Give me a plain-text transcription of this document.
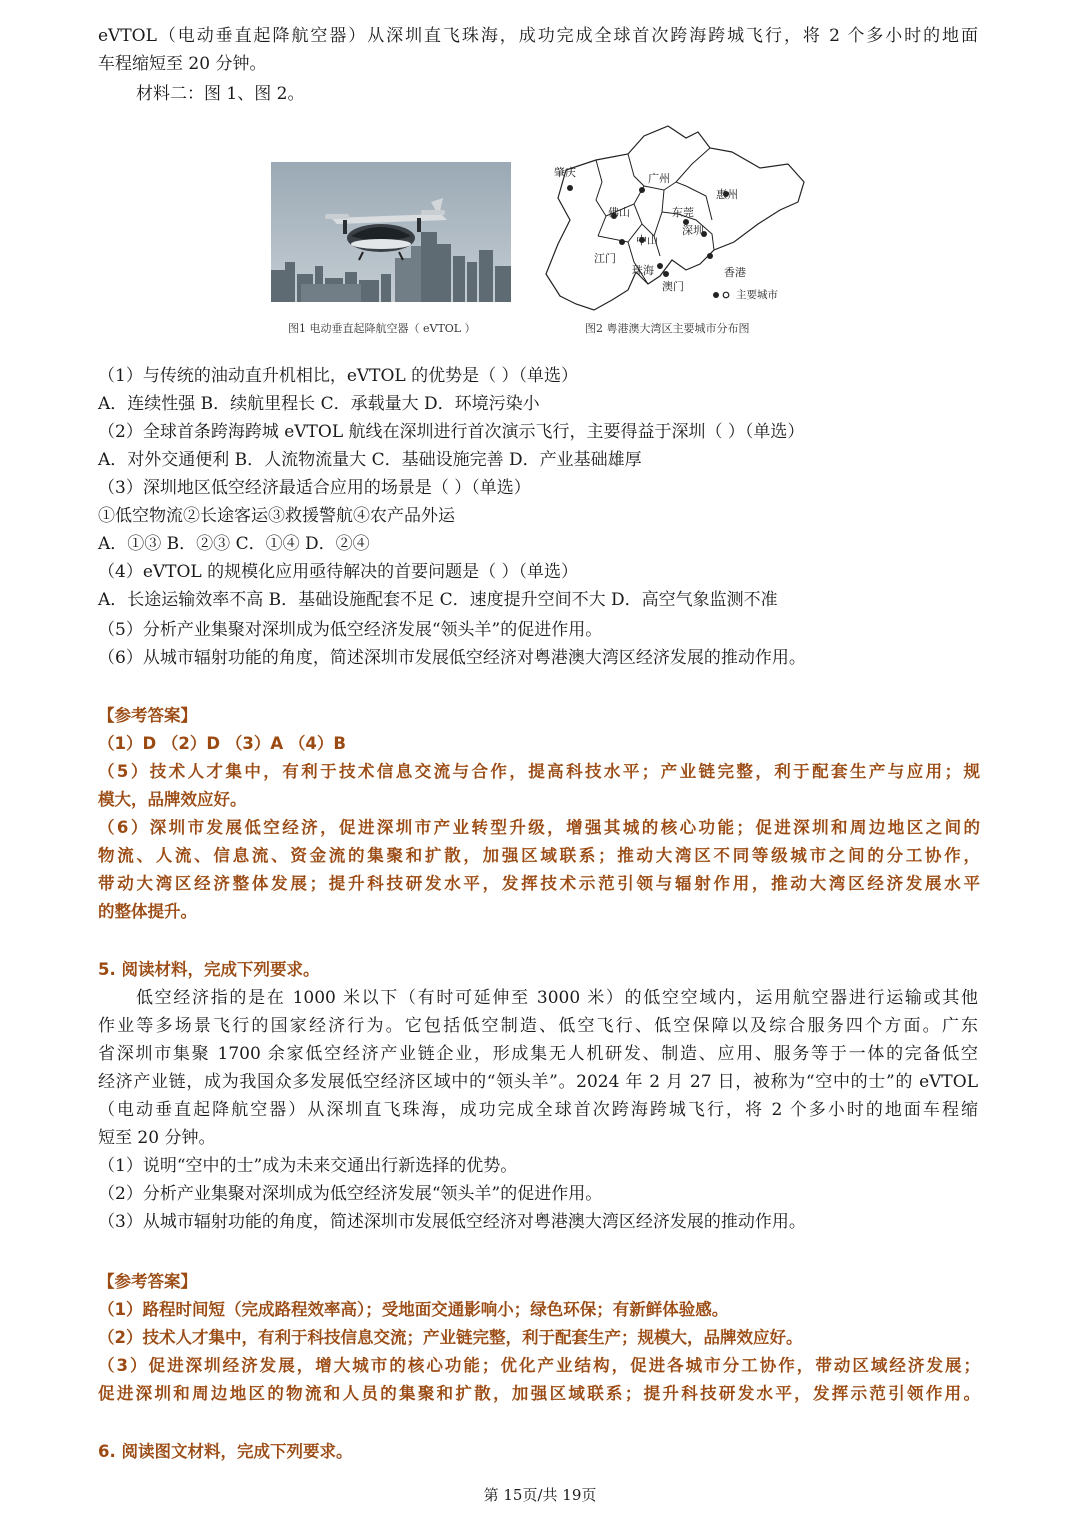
eVTOL（电动垂直起降航空器）从深圳直飞珠海，成功完成全球首次跨海跨城飞行，将 2 个多小时的地面
车程缩短至 20 分钟。
材料二：图 1、图 2。
肇庆	广州
惠州
佛山	东莞
深圳
中山
江门
珠海	香港
澳门
主要城市
图1 电动垂直起降航空器（ eVTOL ）	图2 粤港澳大湾区主要城市分布图
（1）与传统的油动直升机相比，eVTOL 的优势是（ ）（单选）
A．连续性强 B．续航里程长 C．承载量大 D．环境污染小
（2）全球首条跨海跨城 eVTOL 航线在深圳进行首次演示飞行，主要得益于深圳（ ）（单选）
A．对外交通便利 B．人流物流量大 C．基础设施完善 D．产业基础雄厚
（3）深圳地区低空经济最适合应用的场景是（ ）（单选）
①低空物流②长途客运③救援警航④农产品外运
A．①③ B．②③ C．①④ D．②④
（4）eVTOL 的规模化应用亟待解决的首要问题是（ ）（单选）
A．长途运输效率不高 B．基础设施配套不足 C．速度提升空间不大 D．高空气象监测不准
（5）分析产业集聚对深圳成为低空经济发展“领头羊”的促进作用。
（6）从城市辐射功能的角度，简述深圳市发展低空经济对粤港澳大湾区经济发展的推动作用。
【参考答案】
（1）D （2）D （3）A （4）B
（5）技术人才集中，有利于技术信息交流与合作，提高科技水平；产业链完整，利于配套生产与应用；规
模大，品牌效应好。
（6）深圳市发展低空经济，促进深圳市产业转型升级，增强其城的核心功能；促进深圳和周边地区之间的
物流、人流、信息流、资金流的集聚和扩散，加强区域联系；推动大湾区不同等级城市之间的分工协作，
带动大湾区经济整体发展；提升科技研发水平，发挥技术示范引领与辐射作用，推动大湾区经济发展水平
的整体提升。
5. 阅读材料，完成下列要求。
低空经济指的是在 1000 米以下（有时可延伸至 3000 米）的低空空域内，运用航空器进行运输或其他
作业等多场景飞行的国家经济行为。它包括低空制造、低空飞行、低空保障以及综合服务四个方面。广东
省深圳市集聚 1700 余家低空经济产业链企业，形成集无人机研发、制造、应用、服务等于一体的完备低空
经济产业链，成为我国众多发展低空经济区域中的“领头羊”。2024 年 2 月 27 日，被称为“空中的士”的 eVTOL
（电动垂直起降航空器）从深圳直飞珠海，成功完成全球首次跨海跨城飞行，将 2 个多小时的地面车程缩
短至 20 分钟。
（1）说明“空中的士”成为未来交通出行新选择的优势。
（2）分析产业集聚对深圳成为低空经济发展“领头羊”的促进作用。
（3）从城市辐射功能的角度，简述深圳市发展低空经济对粤港澳大湾区经济发展的推动作用。
【参考答案】
（1）路程时间短（完成路程效率高）；受地面交通影响小；绿色环保；有新鲜体验感。
（2）技术人才集中，有利于科技信息交流；产业链完整，利于配套生产；规模大，品牌效应好。
（3）促进深圳经济发展，增大城市的核心功能；优化产业结构，促进各城市分工协作，带动区域经济发展；
促进深圳和周边地区的物流和人员的集聚和扩散，加强区域联系；提升科技研发水平，发挥示范引领作用。
6. 阅读图文材料，完成下列要求。
第 15页/共 19页
